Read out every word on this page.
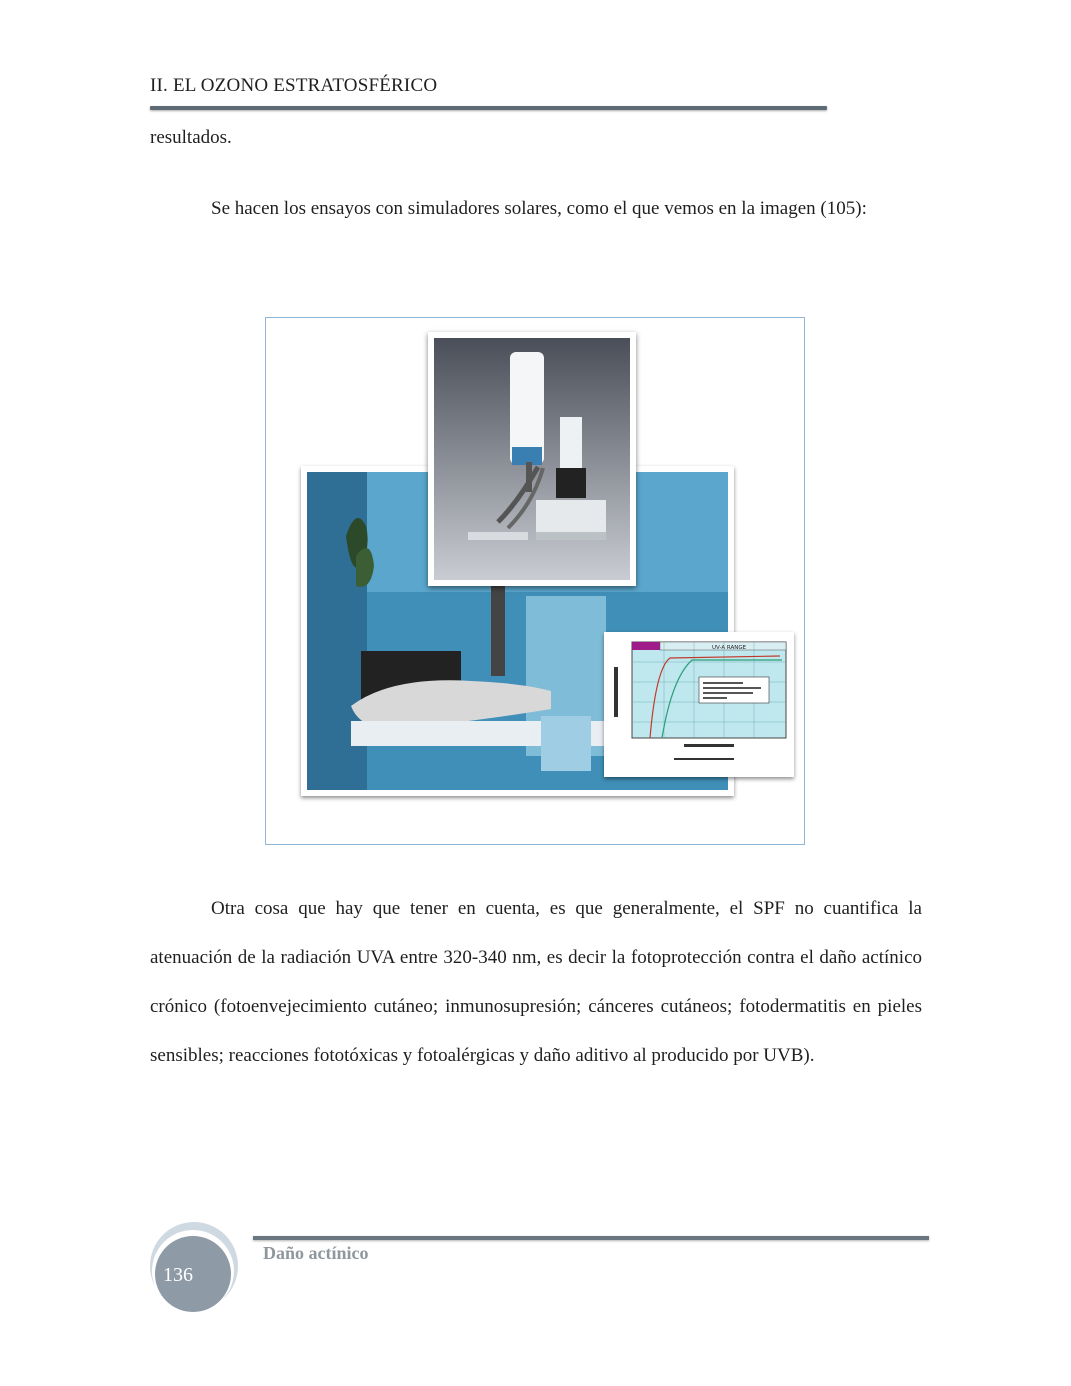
II. EL OZONO ESTRATOSFÉRICO
resultados.
Se hacen los ensayos con simuladores solares, como el que vemos en la imagen (105):
UV-A RANGE
Otra cosa que hay que tener en cuenta, es que generalmente, el SPF no cuantifica la atenuación de la radiación UVA entre 320-340 nm, es decir la fotoprotección contra el daño actínico crónico (fotoenvejecimiento cutáneo; inmunosupresión; cánceres cutáneos; fotodermatitis en pieles sensibles; reacciones fototóxicas y fotoalérgicas y daño aditivo al producido por UVB).
136
Daño actínico
